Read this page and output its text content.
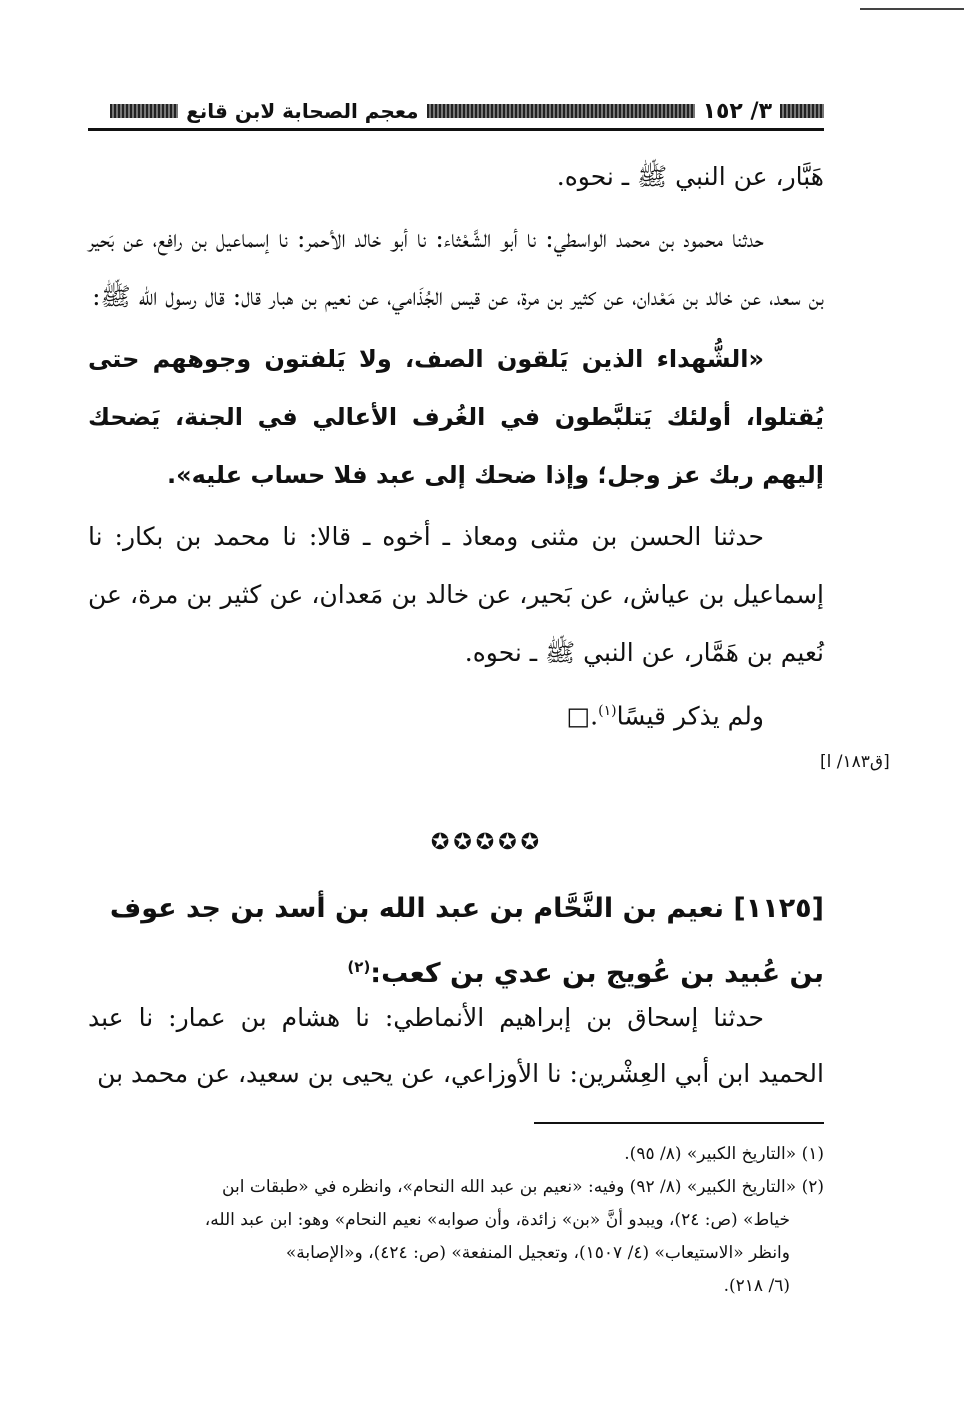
٣/ ١٥٢
معجم الصحابة لابن قانع

هَبَّار، عن النبي ﷺ ـ نحوه.

حدثنا محمود بن محمد الواسطي: نا أبو الشَّعْثاء: نا أبو خالد الأحمر: نا إسماعيل بن رافع، عن بَحير بن سعد، عن خالد بن مَعْدان، عن كثير بن مرة، عن قيس الجُذَامي، عن نعيم بن هبار قال: قال رسول الله ﷺ:

«الشُّهداء الذين يَلقون الصف، ولا يَلفتون وجوههم حتى يُقتلوا، أولئك يَتلبَّطون في الغُرف الأعالي في الجنة، يَضحك إليهم ربك عز وجل؛ وإذا ضحك إلى عبد فلا حساب عليه».

حدثنا الحسن بن مثنى ومعاذ ـ أخوه ـ قالا: نا محمد بن بكار: نا إسماعيل بن عياش، عن بَحير، عن خالد بن مَعدان، عن كثير بن مرة، عن نُعيم بن هَمَّار، عن النبي ﷺ ـ نحوه.

ولم يذكر قيسًا$^{(١)}$.□

[ق١٨٣/ ا]
✪✪✪✪✪
[١١٢٥] نعيم بن النَّحَّام بن عبد الله بن أسد بن جد عوف بن عُبيد بن عُويج بن عدي بن كعب:$^{(٢)}$

حدثنا إسحاق بن إبراهيم الأنماطي: نا هشام بن عمار: نا عبد الحميد ابن أبي العِشْرين: نا الأوزاعي، عن يحيى بن سعيد، عن محمد بن

(١) «التاريخ الكبير» (٨/ ٩٥).

(٢) «التاريخ الكبير» (٨/ ٩٢) وفيه: «نعيم بن عبد الله النحام»، وانظره في «طبقات ابن

خياط» (ص: ٢٤)، ويبدو أنَّ «بن» زائدة، وأن صوابه» نعيم النحام» وهو: ابن عبد الله،

وانظر «الاستيعاب» (٤/ ١٥٠٧)، وتعجيل المنفعة» (ص: ٤٢٤)، و«الإصابة»

(٦/ ٢١٨).
